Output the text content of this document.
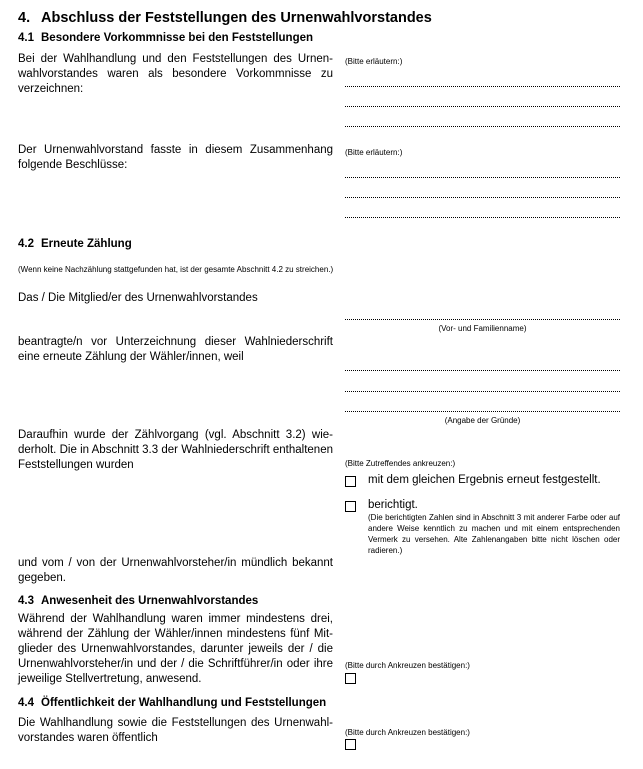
4. Abschluss der Feststellungen des Urnenwahlvorstandes
4.1 Besondere Vorkommnisse bei den Feststellungen
Bei der Wahlhandlung und den Feststellungen des Urnenwahlvorstandes waren als besondere Vorkommnisse zu verzeichnen:
(Bitte erläutern:)
Der Urnenwahlvorstand fasste in diesem Zusammenhang folgende Beschlüsse:
(Bitte erläutern:)
4.2 Erneute Zählung
(Wenn keine Nachzählung stattgefunden hat, ist der gesamte Abschnitt 4.2 zu streichen.)
Das / Die Mitglied/er des Urnenwahlvorstandes
(Vor- und Familienname)
beantragte/n vor Unterzeichnung dieser Wahlniederschrift eine erneute Zählung der Wähler/innen, weil
(Angabe der Gründe)
Daraufhin wurde der Zählvorgang (vgl. Abschnitt 3.2) wiederholt. Die in Abschnitt 3.3 der Wahlniederschrift enthaltenen Feststellungen wurden	(Bitte Zutreffendes ankreuzen:)
mit dem gleichen Ergebnis erneut festgestellt.
berichtigt.
(Die berichtigten Zahlen sind in Abschnitt 3 mit anderer Farbe oder auf andere Weise kenntlich zu machen und mit einem entsprechenden Vermerk zu versehen. Alte Zahlenangaben bitte nicht löschen oder radieren.)
und vom / von der Urnenwahlvorsteher/in mündlich bekannt gegeben.
4.3 Anwesenheit des Urnenwahlvorstandes
Während der Wahlhandlung waren immer mindestens drei, während der Zählung der Wähler/innen mindestens fünf Mitglieder des Urnenwahlvorstandes, darunter jeweils der / die Urnenwahlvorsteher/in und der / die Schriftführer/in oder ihre jeweilige Stellvertretung, anwesend.
(Bitte durch Ankreuzen bestätigen:)
4.4 Öffentlichkeit der Wahlhandlung und Feststellungen
Die Wahlhandlung sowie die Feststellungen des Urnenwahlvorstandes waren öffentlich	(Bitte durch Ankreuzen bestätigen:)
